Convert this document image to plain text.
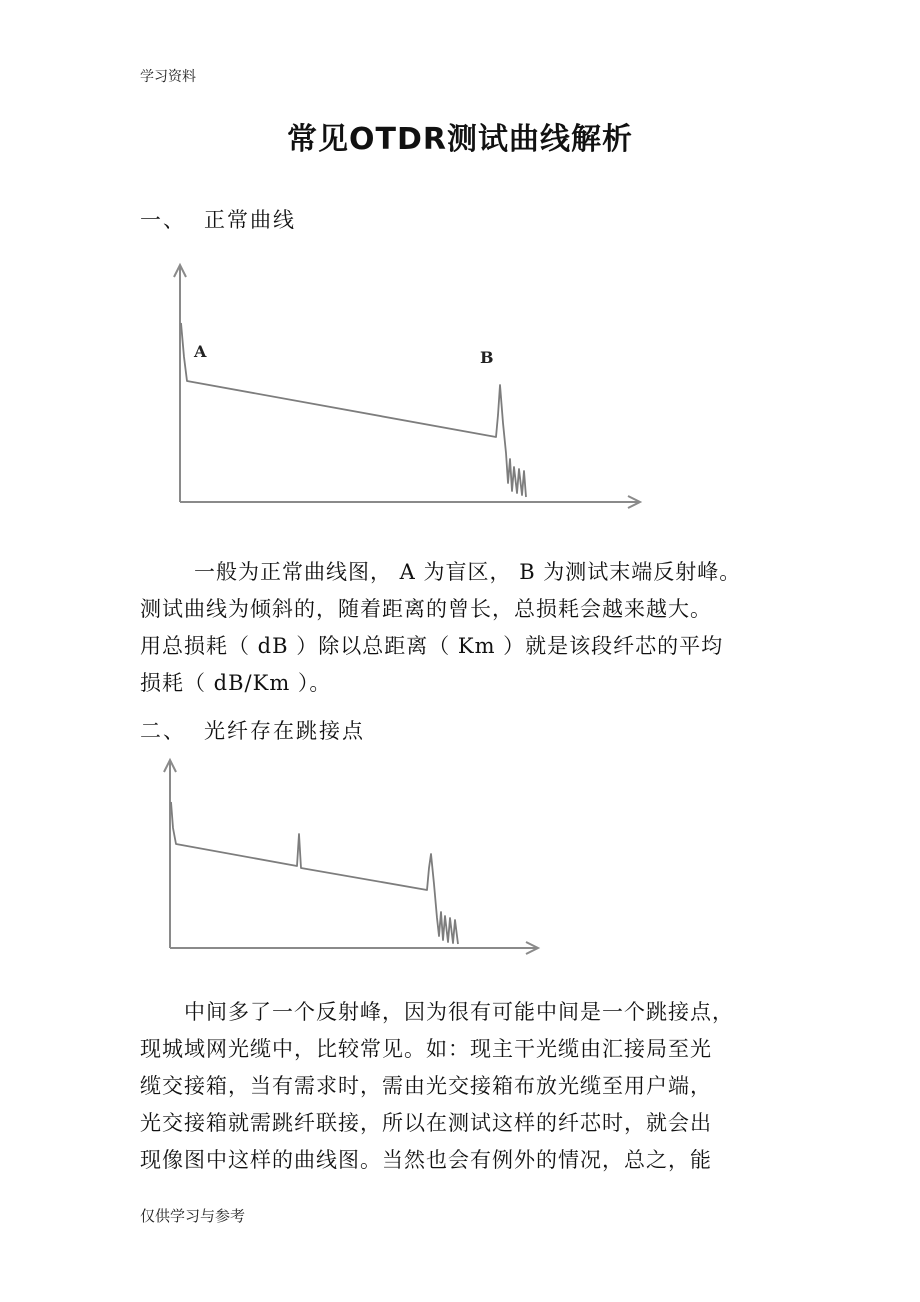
学习资料
常见OTDR测试曲线解析
一、 正常曲线
A	B
一般为正常曲线图， A 为盲区， B 为测试末端反射峰。
测试曲线为倾斜的，随着距离的曾长，总损耗会越来越大。
用总损耗（ dB ）除以总距离（ Km ）就是该段纤芯的平均
损耗（ dB/Km ）。
二、 光纤存在跳接点
中间多了一个反射峰，因为很有可能中间是一个跳接点，
现城域网光缆中，比较常见。如：现主干光缆由汇接局至光
缆交接箱，当有需求时，需由光交接箱布放光缆至用户端，
光交接箱就需跳纤联接，所以在测试这样的纤芯时，就会出
现像图中这样的曲线图。当然也会有例外的情况，总之，能
仅供学习与参考
